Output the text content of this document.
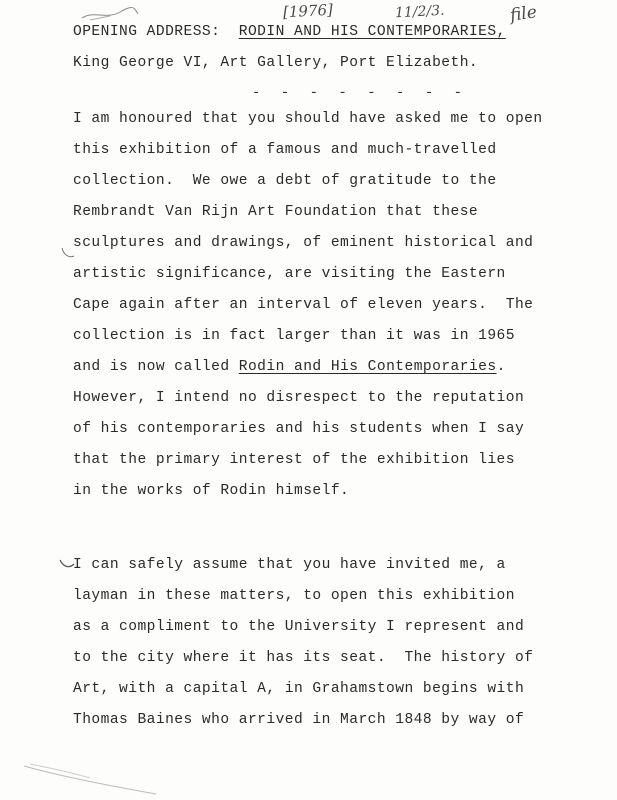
[1976]	11/2/3.	file
OPENING ADDRESS:  RODIN AND HIS CONTEMPORARIES,
King George VI, Art Gallery, Port Elizabeth.
- - - - - - - -
I am honoured that you should have asked me to open
this exhibition of a famous and much-travelled
collection.  We owe a debt of gratitude to the
Rembrandt Van Rijn Art Foundation that these
sculptures and drawings, of eminent historical and
artistic significance, are visiting the Eastern
Cape again after an interval of eleven years.  The
collection is in fact larger than it was in 1965
and is now called Rodin and His Contemporaries.
However, I intend no disrespect to the reputation
of his contemporaries and his students when I say
that the primary interest of the exhibition lies
in the works of Rodin himself.
I can safely assume that you have invited me, a
layman in these matters, to open this exhibition
as a compliment to the University I represent and
to the city where it has its seat.  The history of
Art, with a capital A, in Grahamstown begins with
Thomas Baines who arrived in March 1848 by way of
